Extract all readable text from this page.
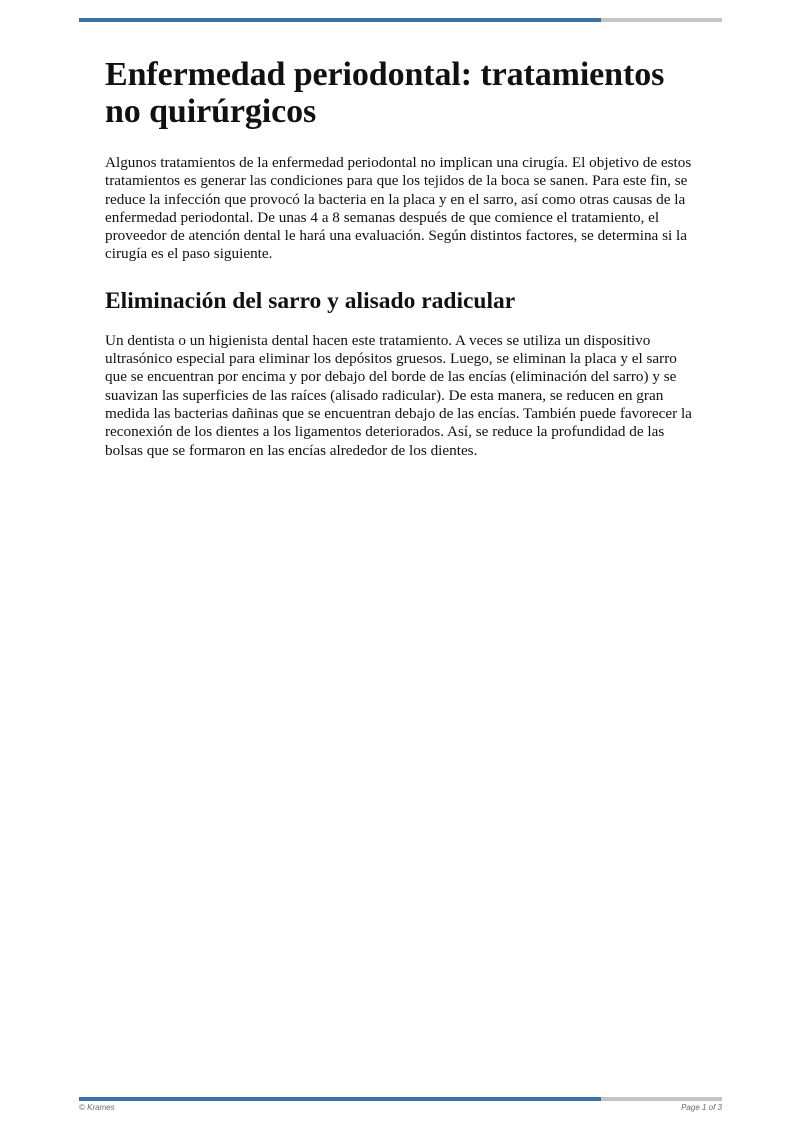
Enfermedad periodontal: tratamientos no quirúrgicos

Algunos tratamientos de la enfermedad periodontal no implican una cirugía. El objetivo de estos tratamientos es generar las condiciones para que los tejidos de la boca se sanen. Para este fin, se reduce la infección que provocó la bacteria en la placa y en el sarro, así como otras causas de la enfermedad periodontal. De unas 4 a 8 semanas después de que comience el tratamiento, el proveedor de atención dental le hará una evaluación. Según distintos factores, se determina si la cirugía es el paso siguiente.

Eliminación del sarro y alisado radicular

Un dentista o un higienista dental hacen este tratamiento. A veces se utiliza un dispositivo ultrasónico especial para eliminar los depósitos gruesos. Luego, se eliminan la placa y el sarro que se encuentran por encima y por debajo del borde de las encías (eliminación del sarro) y se suavizan las superficies de las raíces (alisado radicular). De esta manera, se reducen en gran medida las bacterias dañinas que se encuentran debajo de las encías. También puede favorecer la reconexión de los dientes a los ligamentos deteriorados. Así, se reduce la profundidad de las bolsas que se formaron en las encías alrededor de los dientes.

© Krames	Page 1 of 3
